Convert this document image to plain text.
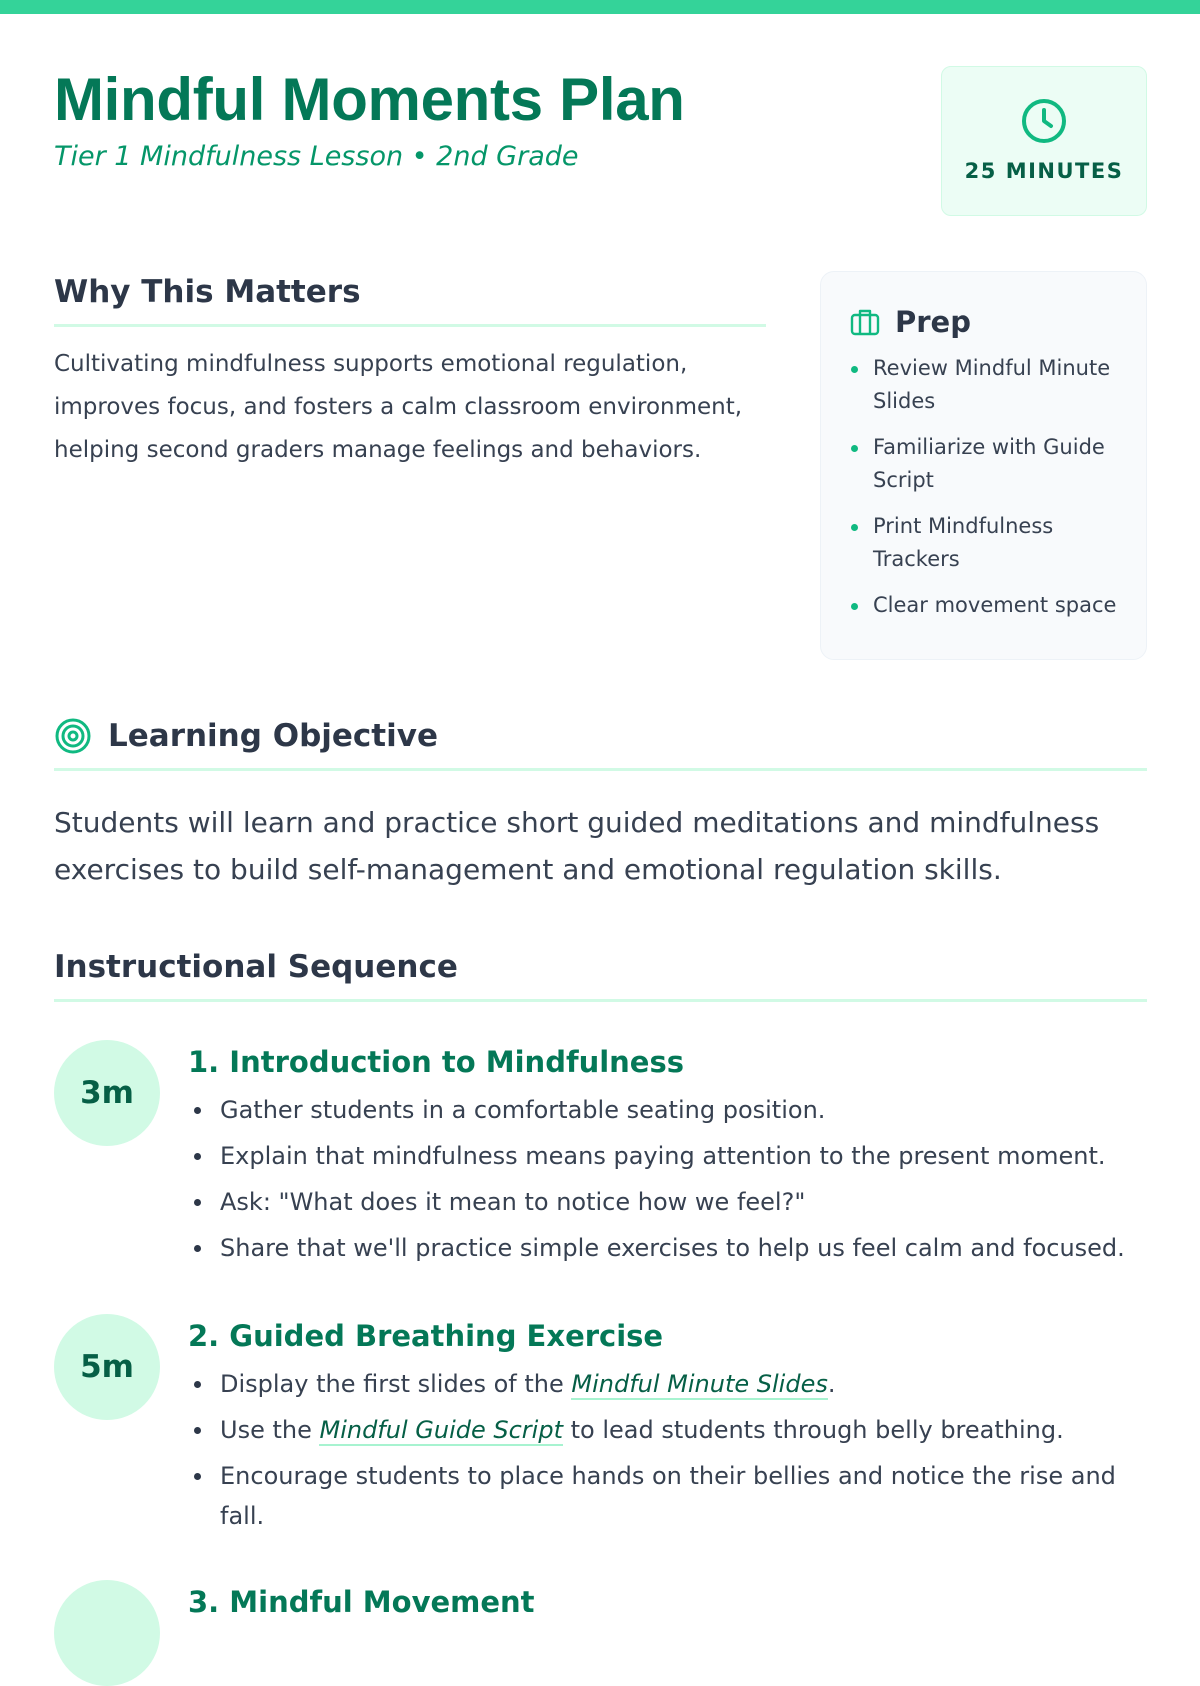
Mindful Moments Plan
Tier 1 Mindfulness Lesson • 2nd Grade	25 MINUTES
Why This Matters

Cultivating mindfulness supports emotional regulation, improves focus, and fosters a calm classroom environment, helping second graders manage feelings and behaviors.

Prep
Review Mindful Minute Slides
Familiarize with Guide Script
Print Mindfulness Trackers
Clear movement space
Learning Objective

Students will learn and practice short guided meditations and mindfulness exercises to build self-management and emotional regulation skills.

Instructional Sequence
3m
1. Introduction to Mindfulness
Gather students in a comfortable seating position.
Explain that mindfulness means paying attention to the present moment.
Ask: "What does it mean to notice how we feel?"
Share that we'll practice simple exercises to help us feel calm and focused.
5m
2. Guided Breathing Exercise
Display the first slides of the Mindful Minute Slides.
Use the Mindful Guide Script to lead students through belly breathing.
Encourage students to place hands on their bellies and notice the rise and fall.
3. Mindful Movement
